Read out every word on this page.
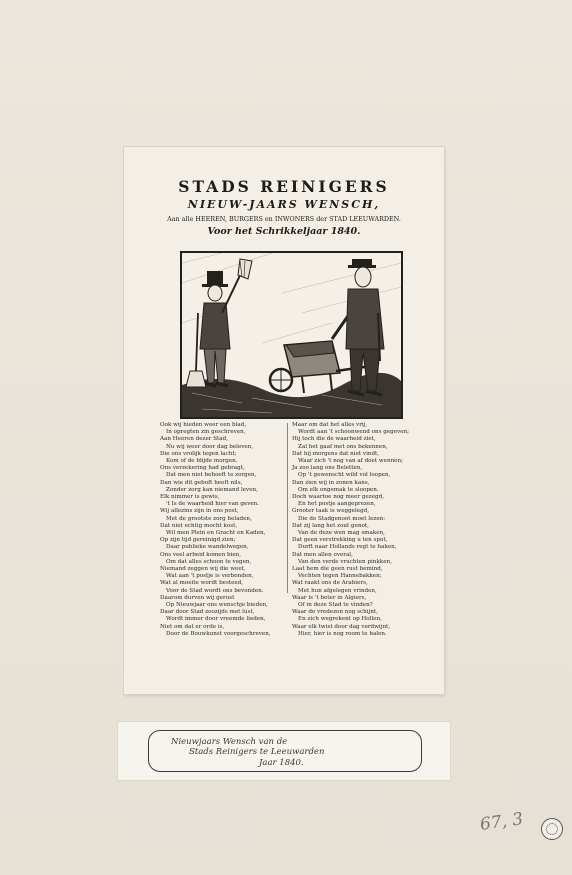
STADS REINIGERS
NIEUW-JAARS WENSCH,
Aan alle HEEREN, BURGERS en INWONERS der STAD LEEUWARDEN.
Voor het Schrikkeljaar 1840.
Ook wij hieden weer een blad,
In opregten zin geschreven,
Aan Heeren dezer Stad,
Nu wij weer door dag beleven,
Die ons vrolijk tegen lacht;
Kom of de blijde morgen.
Ons verzekering had gebragt,
Dat men niet behoeft te zorgen,
Dan wie dit geboft heeft nils,
Zonder zorg kan niemand leven,
Elk nimmer is gewis,
't Is de waarheid hier van geven.
Wij allezins zijn in ons post,
Met de grootste zorg beladen,
Dat niet echtig mocht kost,
Wil men Plein en Gracht en Kaden,
Op zijn tijd gereinigd zien;
Daar publieke wandelwegen,
Ons veel arbeid komen bien,
Om dat alles schoon te vegen,
Niemand zeggen wij die weet,
Wat aan 't postje is verbonden,
Wat al moeite wordt besteed,
Voor de Stad wordt ons bevonden.
Daarom durven wij gerust
Op Nieuwjaar ons wenschje bieden,
Daar door Stad zoozijds met lust,
Wordt immer door vreemde lieden,
Niet om dat er orde is,
Door de Bouwkunst voorgeschreven,
Maar om dat het alles vrij,
Wordt aan 't schoonwend ons gegeven;
Hij toch die de waarheid ziet,
Zal het gaaf met ons bekennen,
Dat hij morgens dat niet vindt,
Waar zich 't nog van af doet wennen;
Ja zoo lang ons Beletten,
Op 't gewenscht wild vol loopen,
Dan zien wij in zonen kans,
Om elk ongemak te sloopen.
Doch waartoe nog meer gezegd,
En het postje aangeprezen,
Grooter taak is weggelegd,
Die de Stadgenoot moet lezen:
Dat zij lang het zout genot,
Van de deze wen mag smaken,
Dat geen verstrekking u ten spot,
Durft naar Hollands regt te haken,
Dat men allen overal,
Van den verde vruchten pinkken,
Laat hem die geen rust bemind,
Vechten tegen Hannebakken;
Wat raakt ons de Arabiers,
Met hun afgelegen vrinden,
Waar is 't beter in Algiers,
Of in deze Stad te vinden?
Waar de vredezon nog schijnt,
En zich wegrekent op Hollen,
Waar elk twist door dag verdwijnt,
Hier, hier is nog room te halen.
Nieuwjaars Wensch van de
Stads Reinigers te Leeuwarden
Jaar 1840.
67, 3
